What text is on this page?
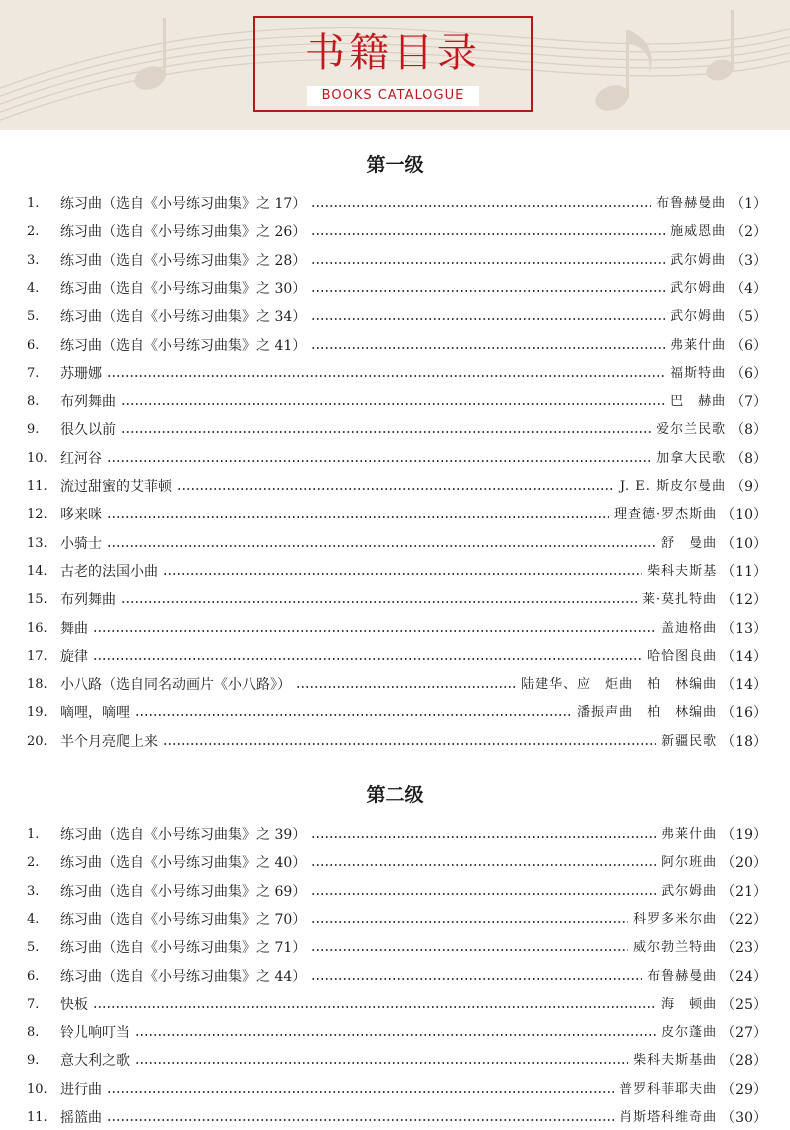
书籍目录
BOOKS CATALOGUE
第一级
1.	练习曲（选自《小号练习曲集》之 17）	布鲁赫曼曲 （1）
2.	练习曲（选自《小号练习曲集》之 26）	施威恩曲 （2）
3.	练习曲（选自《小号练习曲集》之 28）	武尔姆曲 （3）
4.	练习曲（选自《小号练习曲集》之 30）	武尔姆曲 （4）
5.	练习曲（选自《小号练习曲集》之 34）	武尔姆曲 （5）
6.	练习曲（选自《小号练习曲集》之 41）	弗莱什曲 （6）
7.	苏珊娜	福斯特曲 （6）
8.	布列舞曲	巴　赫曲 （7）
9.	很久以前	爱尔兰民歌 （8）
10. 红河谷	加拿大民歌 （8）
11. 流过甜蜜的艾菲顿	J. E. 斯皮尔曼曲 （9）
12. 哆来咪	理查德·罗杰斯曲 （10）
13. 小骑士	舒　曼曲 （10）
14. 古老的法国小曲	柴科夫斯基 （11）
15. 布列舞曲	莱·莫扎特曲 （12）
16. 舞曲	盖迪格曲 （13）
17. 旋律	哈恰图良曲 （14）
18. 小八路（选自同名动画片《小八路》）	陆建华、应　炬曲　柏　林编曲 （14）
19. 嘀哩，嘀哩	潘振声曲　柏　林编曲 （16）
20. 半个月亮爬上来	新疆民歌 （18）
第二级
1.	练习曲（选自《小号练习曲集》之 39）	弗莱什曲 （19）
2.	练习曲（选自《小号练习曲集》之 40）	阿尔班曲 （20）
3.	练习曲（选自《小号练习曲集》之 69）	武尔姆曲 （21）
4.	练习曲（选自《小号练习曲集》之 70）	科罗多米尔曲 （22）
5.	练习曲（选自《小号练习曲集》之 71）	威尔勃兰特曲 （23）
6.	练习曲（选自《小号练习曲集》之 44）	布鲁赫曼曲 （24）
7.	快板	海　顿曲 （25）
8.	铃儿响叮当	皮尔蓬曲 （27）
9.	意大利之歌	柴科夫斯基曲 （28）
10. 进行曲	普罗科菲耶夫曲 （29）
11. 摇篮曲	肖斯塔科维奇曲 （30）
